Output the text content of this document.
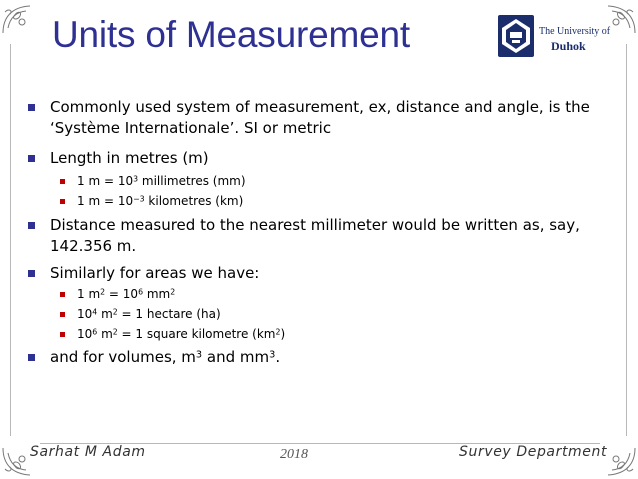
Units of Measurement	The University of
Duhok
Commonly used system of measurement, ex, distance and angle, is the ‘Système Internationale’. SI or metric
Length in metres (m)
1 $m = 10^3$ millimetres (mm)
1 $m = 10^{-3}$ kilometres (km)
Distance measured to the nearest millimeter would be written as, say, 142.356 m.
Similarly for areas we have:
1 $m^2 = 10^6$ $mm^2$
$10^4$ $m^2 = 1$ hectare (ha)
$10^6$ $m^2 = 1$ square kilometre $(km^2)$
and for volumes, $m^3$ and $mm^3$.
Sarhat M Adam	2018	Survey Department
